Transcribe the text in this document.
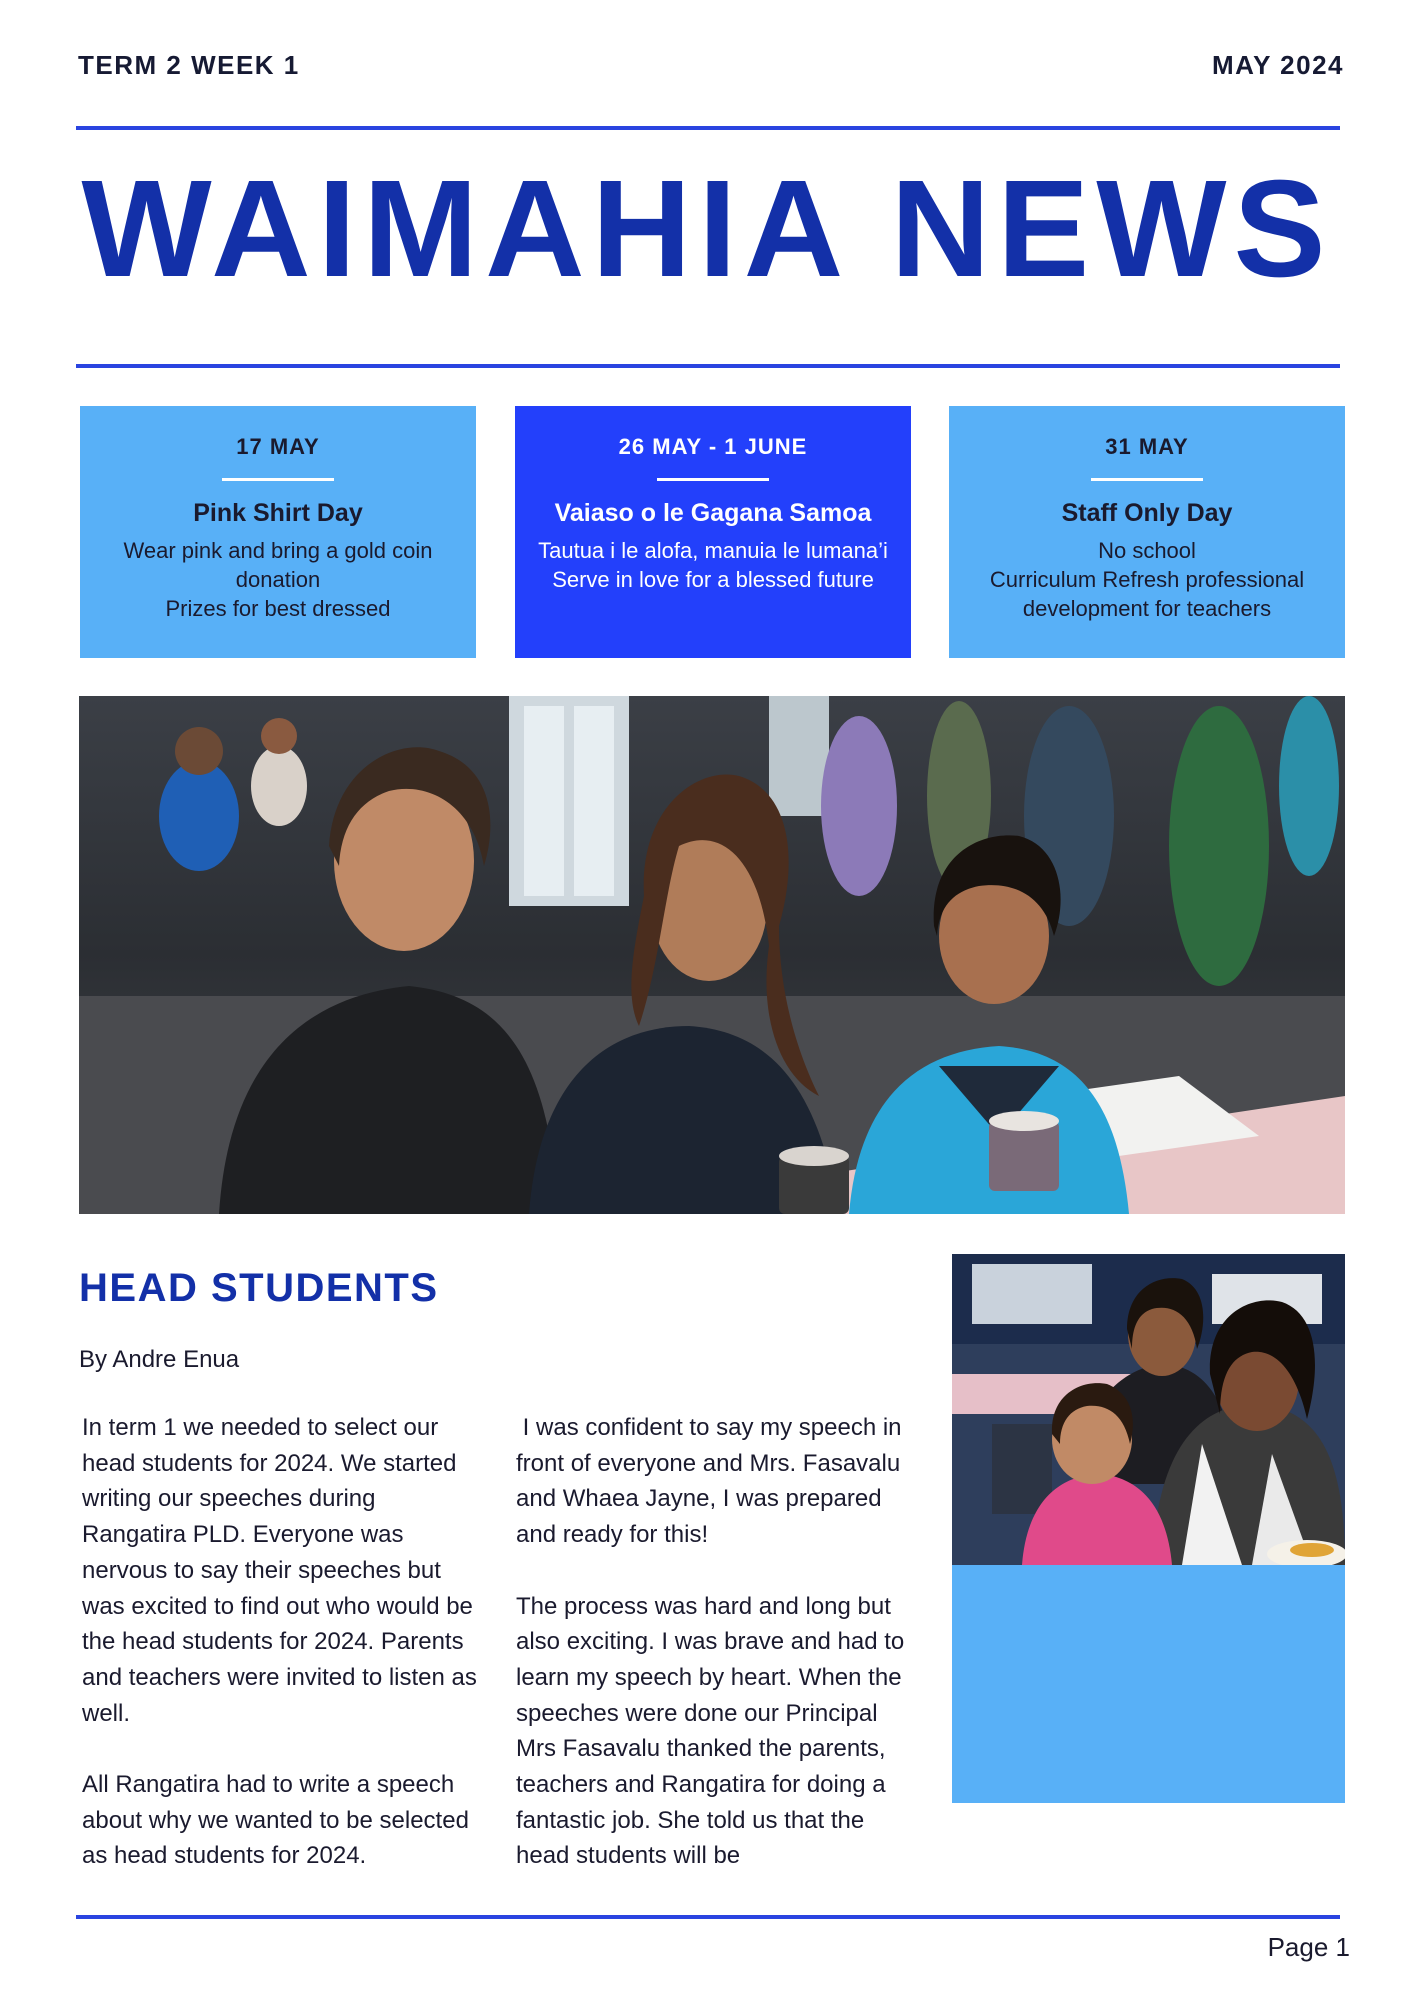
TERM 2 WEEK 1	MAY 2024
WAIMAHIA NEWS
17 MAY
Pink Shirt Day
Wear pink and bring a gold coin donation
Prizes for best dressed
26 MAY - 1 JUNE
Vaiaso o le Gagana Samoa
Tautua i le alofa, manuia le lumana’i
Serve in love for a blessed future
31 MAY
Staff Only Day
No school
Curriculum Refresh professional development for teachers
HEAD STUDENTS
By Andre Enua

In term 1 we needed to select our head students for 2024. We started writing our speeches during Rangatira PLD. Everyone was nervous to say their speeches but was excited to find out who would be the head students for 2024. Parents and teachers were invited to listen as well.

All Rangatira had to write a speech about why we wanted to be selected as head students for 2024.

I was confident to say my speech in front of everyone and Mrs. Fasavalu and Whaea Jayne, I was prepared and ready for this!

The process was hard and long but also exciting. I was brave and had to learn my speech by heart. When the speeches were done our Principal Mrs Fasavalu thanked the parents, teachers and Rangatira for doing a fantastic job. She told us that the head students will be

Page 1
